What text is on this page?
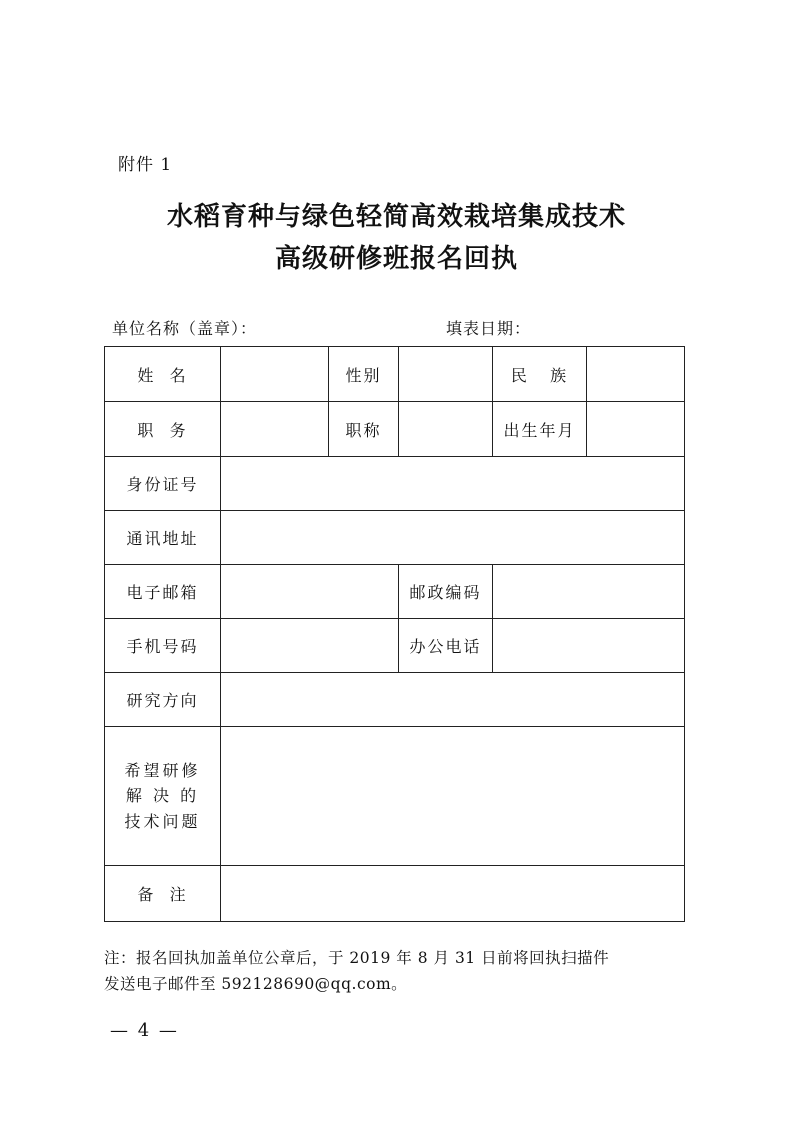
附件 1
水稻育种与绿色轻简高效栽培集成技术
高级研修班报名回执
单位名称（盖章）：	填表日期：
姓  名		性别		民   族	
职  务		职称		出生年月	
身份证号					
通讯地址					
电子邮箱			邮政编码		
手机号码			办公电话		
研究方向					
希望研修
解 决 的
技术问题					
备  注					
注：报名回执加盖单位公章后，于 2019 年 8 月 31 日前将回执扫描件
发送电子邮件至 592128690@qq.com。
— 4 —
